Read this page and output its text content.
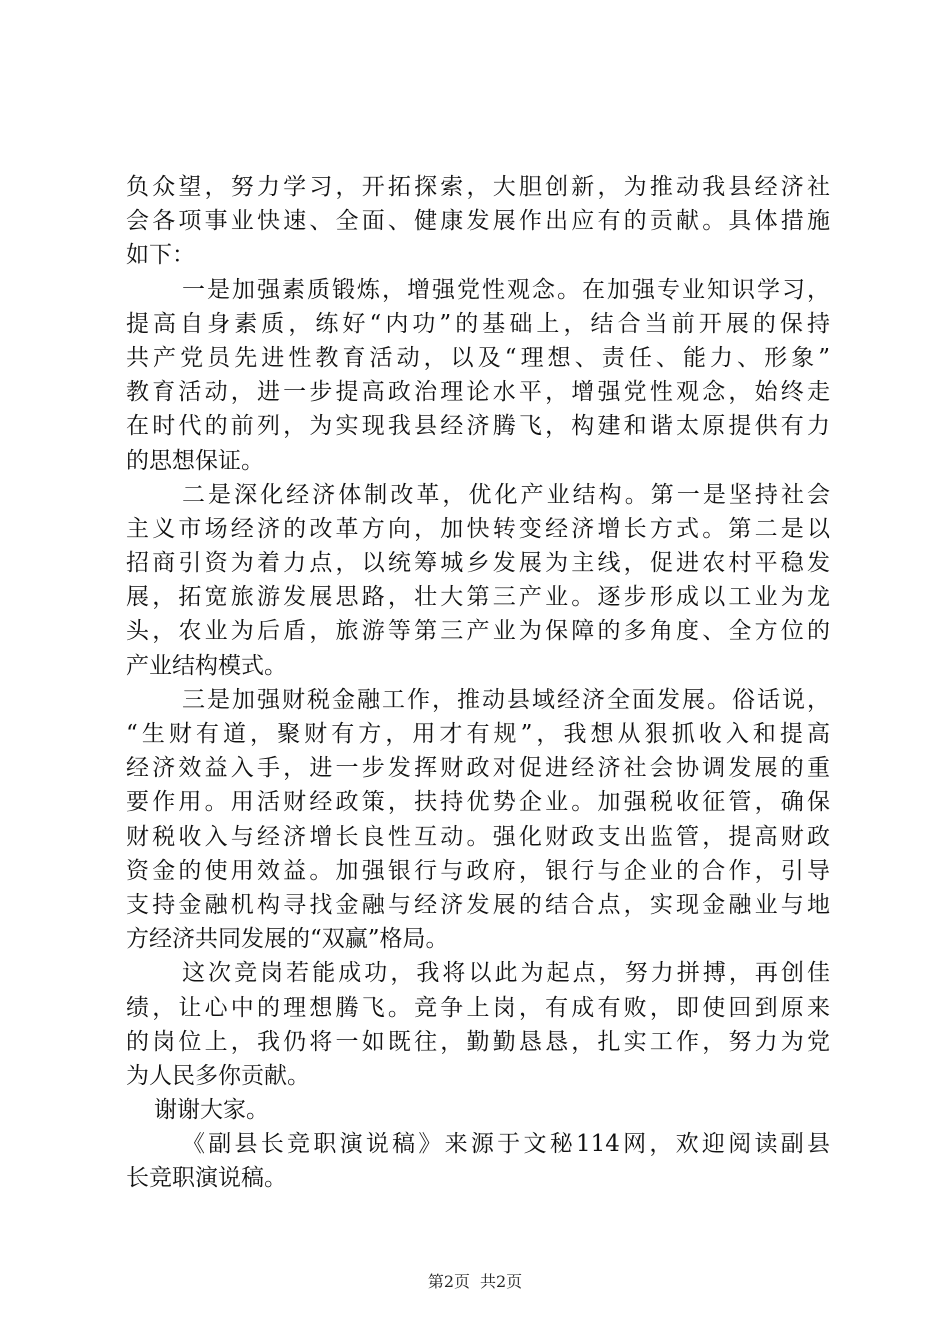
负众望，努力学习，开拓探索，大胆创新，为推动我县经济社
会各项事业快速、全面、健康发展作出应有的贡献。具体措施
如下：
一是加强素质锻炼，增强党性观念。在加强专业知识学习，
提高自身素质，练好“内功”的基础上，结合当前开展的保持
共产党员先进性教育活动，以及“理想、责任、能力、形象”
教育活动，进一步提高政治理论水平，增强党性观念，始终走
在时代的前列，为实现我县经济腾飞，构建和谐太原提供有力
的思想保证。
二是深化经济体制改革，优化产业结构。第一是坚持社会
主义市场经济的改革方向，加快转变经济增长方式。第二是以
招商引资为着力点，以统筹城乡发展为主线，促进农村平稳发
展，拓宽旅游发展思路，壮大第三产业。逐步形成以工业为龙
头，农业为后盾，旅游等第三产业为保障的多角度、全方位的
产业结构模式。
三是加强财税金融工作，推动县域经济全面发展。俗话说，
“生财有道，聚财有方，用才有规”，我想从狠抓收入和提高
经济效益入手，进一步发挥财政对促进经济社会协调发展的重
要作用。用活财经政策，扶持优势企业。加强税收征管，确保
财税收入与经济增长良性互动。强化财政支出监管，提高财政
资金的使用效益。加强银行与政府，银行与企业的合作，引导
支持金融机构寻找金融与经济发展的结合点，实现金融业与地
方经济共同发展的“双赢”格局。
这次竞岗若能成功，我将以此为起点，努力拼搏，再创佳
绩，让心中的理想腾飞。竞争上岗，有成有败，即使回到原来
的岗位上，我仍将一如既往，勤勤恳恳，扎实工作，努力为党
为人民多你贡献。
谢谢大家。
《副县长竞职演说稿》来源于文秘114网，欢迎阅读副县
长竞职演说稿。
第2页 共2页
